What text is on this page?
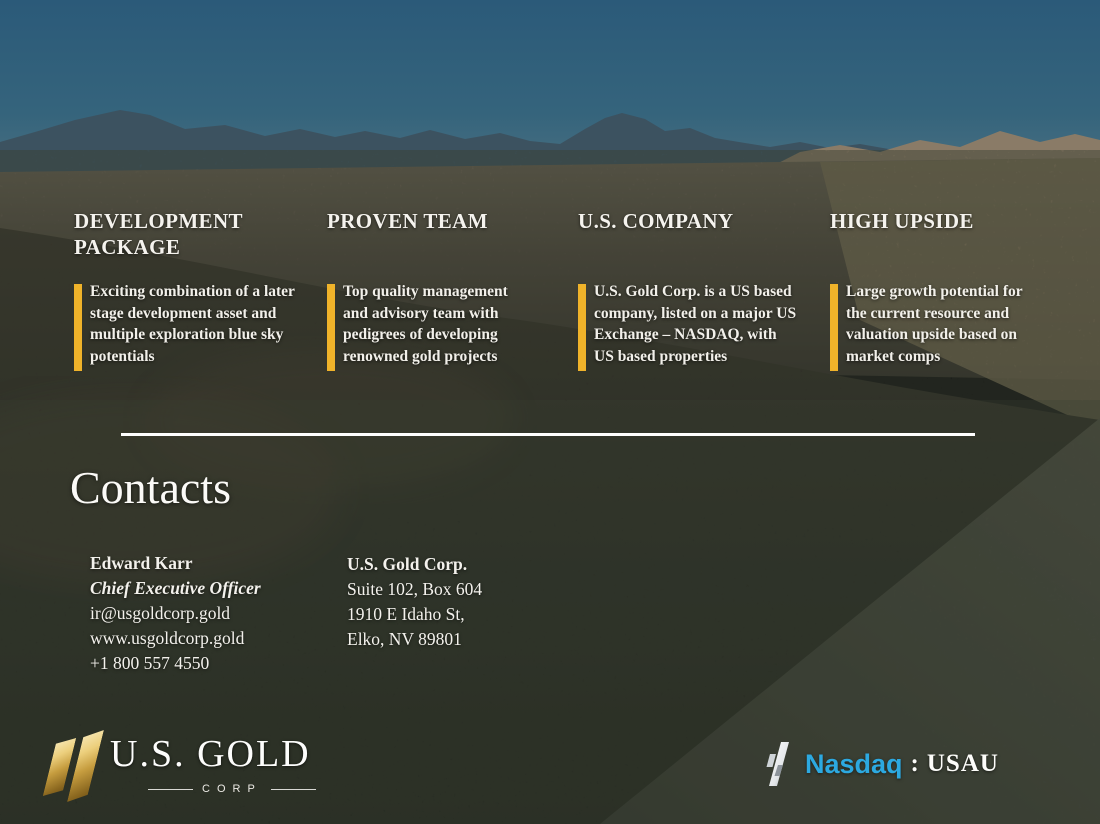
DEVELOPMENT PACKAGE
Exciting combination of a later stage development asset and multiple exploration blue sky potentials
PROVEN TEAM
Top quality management and advisory team with pedigrees of developing renowned gold projects
U.S. COMPANY
U.S. Gold Corp. is a US based company, listed on a major US Exchange – NASDAQ, with US based properties
HIGH UPSIDE
Large growth potential for the current resource and valuation upside based on market comps
Contacts
Edward Karr
Chief Executive Officer
ir@usgoldcorp.gold
www.usgoldcorp.gold
+1 800 557 4550
U.S. Gold Corp.
Suite 102, Box 604
1910 E Idaho St,
Elko, NV 89801
U.S. GOLD
CORP
Nasdaq : USAU
